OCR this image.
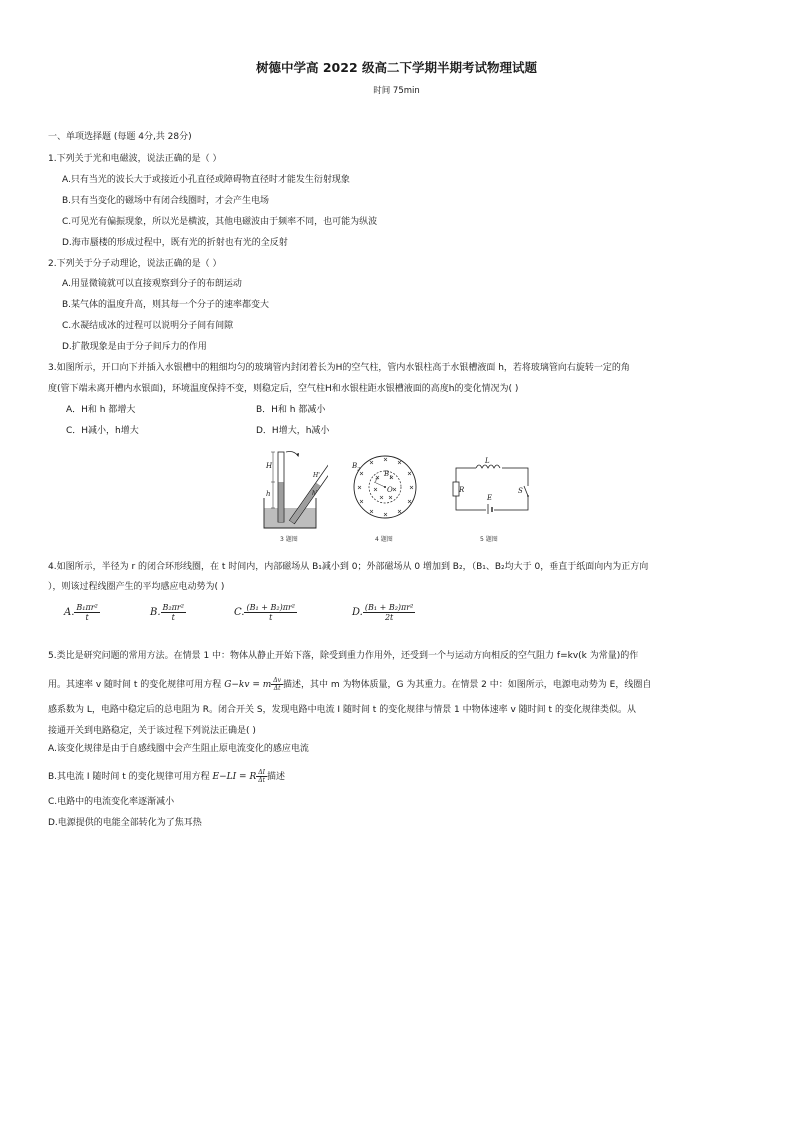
树德中学高 2022 级高二下学期半期考试物理试题
时间 75min
一、单项选择题 (每题 4分,共 28分)
1.下列关于光和电磁波，说法正确的是（ ）
A.只有当光的波长大于或接近小孔直径或障碍物直径时才能发生衍射现象
B.只有当变化的磁场中有闭合线圈时，才会产生电场
C.可见光有偏振现象，所以光是横波，其他电磁波由于频率不同，也可能为纵波
D.海市蜃楼的形成过程中，既有光的折射也有光的全反射
2.下列关于分子动理论，说法正确的是（ ）
A.用显微镜就可以直接观察到分子的布朗运动
B.某气体的温度升高，则其每一个分子的速率都变大
C.水凝结成冰的过程可以说明分子间有间隙
D.扩散现象是由于分子间斥力的作用
3.如图所示，开口向下并插入水银槽中的粗细均匀的玻璃管内封闭着长为H的空气柱，管内水银柱高于水银槽液面 h，若将玻璃管向右旋转一定的角
度(管下端未离开槽内水银面)，环境温度保持不变，则稳定后，空气柱H和水银柱距水银槽液面的高度h的变化情况为( )
A．H和 h 都增大	B．H和 h 都减小
C．H减小，h增大	D．H增大，h减小
H
h
H'
h'
3 题图
$B_2$
$B_1$
O
r
4 题图
L
R
E
S
5 题图
4.如图所示，半径为 r 的闭合环形线圈，在 t 时间内，内部磁场从 B₁减小到 0；外部磁场从 0 增加到 B₂，（B₁、B₂均大于 0，垂直于纸面向内为正方向
），则该过程线圈产生的平均感应电动势为( )
A. $\frac{\text{B₁πr²}}{t}$	B. $\frac{\text{B₂πr²}}{t}$	C. $\frac{\text{(B₁ + B₂)πr²}}{t}$	D. $\frac{\text{(B₁ + B₂)πr²}}{2t}$
5.类比是研究问题的常用方法。在情景 1 中：物体从静止开始下落，除受到重力作用外，还受到一个与运动方向相反的空气阻力 f=kv(k 为常量)的作
用。其速率 v 随时间 t 的变化规律可用方程 G−kv = m $\frac{\Delta v}{\Delta t}$ 描述，其中 m 为物体质量，G 为其重力。在情景 2 中：如图所示，电源电动势为 E，线圈自
感系数为 L，电路中稳定后的总电阻为 R。闭合开关 S，发现电路中电流 I 随时间 t 的变化规律与情景 1 中物体速率 v 随时间 t 的变化规律类似。从
接通开关到电路稳定，关于该过程下列说法正确是( )
A.该变化规律是由于自感线圈中会产生阻止原电流变化的感应电流
B.其电流 I 随时间 t 的变化规律可用方程 E−LI = R $\frac{\Delta I}{\Delta t}$ 描述
C.电路中的电流变化率逐渐减小
D.电源提供的电能全部转化为了焦耳热
